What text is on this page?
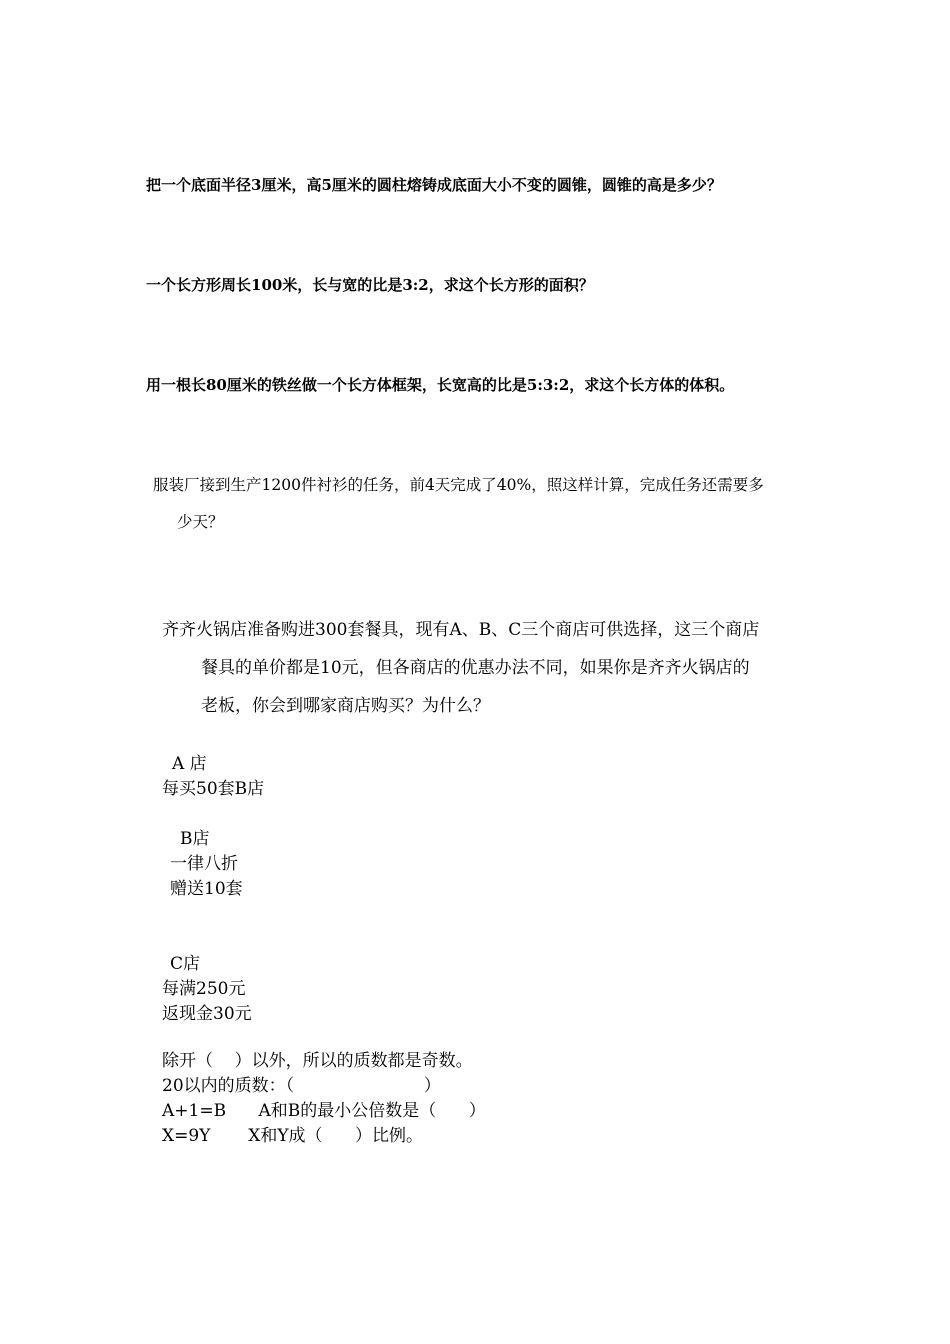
把一个底面半径3厘米，高5厘米的圆柱熔铸成底面大小不变的圆锥，圆锥的高是多少？
一个长方形周长100米，长与宽的比是3:2，求这个长方形的面积？
用一根长80厘米的铁丝做一个长方体框架，长宽高的比是5:3:2，求这个长方体的体积。
服装厂接到生产1200件衬衫的任务，前4天完成了40%，照这样计算，完成任务还需要多
少天？
齐齐火锅店准备购进300套餐具，现有A、B、C三个商店可供选择，这三个商店
餐具的单价都是10元，但各商店的优惠办法不同，如果你是齐齐火锅店的
老板，你会到哪家商店购买？为什么？
A 店
每买50套B店
B店
一律八折
赠送10套
C店
每满250元
返现金30元
除开（    ）以外，所以的质数都是奇数。
20以内的质数：（                        ）
A+1=B      A和B的最小公倍数是（      ）
X=9Y       X和Y成（      ）比例。
